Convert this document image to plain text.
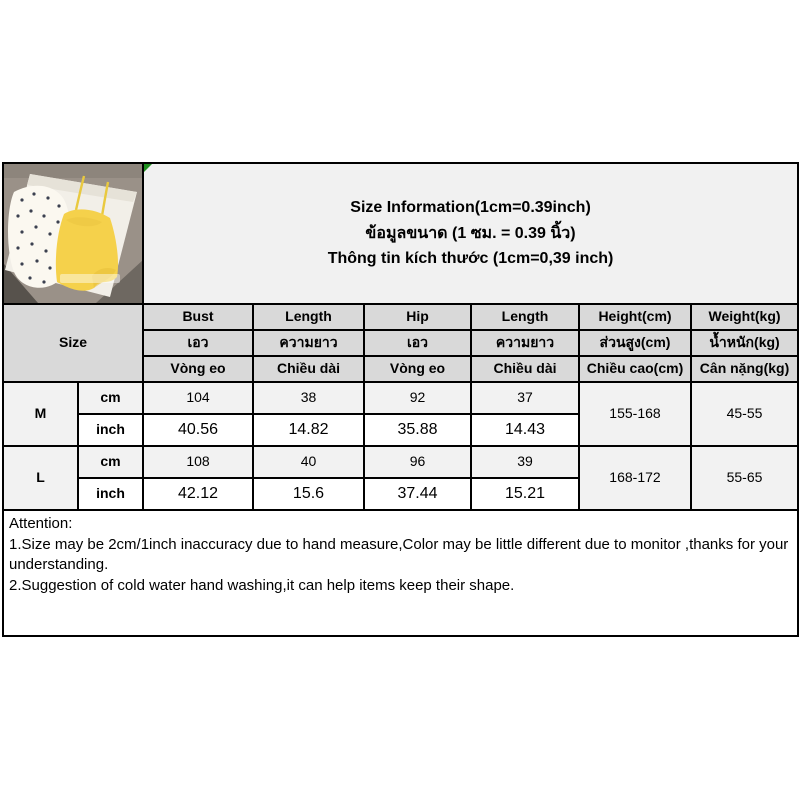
Size Information(1cm=0.39inch)
ข้อมูลขนาด (1 ซม. = 0.39 นิ้ว)
Thông tin kích thước (1cm=0,39 inch)					

Size		Bust	Length	Hip	Length	Height(cm)	Weight(kg)
		เอว	ความยาว	เอว	ความยาว	ส่วนสูง(cm)	น้ำหนัก(kg)
		Vòng eo	Chiều dài	Vòng eo	Chiều dài	Chiều cao(cm)	Cân nặng(kg)
M	cm	104	38	92	37	155-168	45-55
	inch	40.56	14.82	35.88	14.43		
L	cm	108	40	96	39	168-172	55-65
	inch	42.12	15.6	37.44	15.21		

Attention:
1.Size may be 2cm/1inch inaccuracy due to hand measure,Color may be little different due to monitor ,thanks for your understanding.
2.Suggestion of cold water hand washing,it can help items keep their shape.							
